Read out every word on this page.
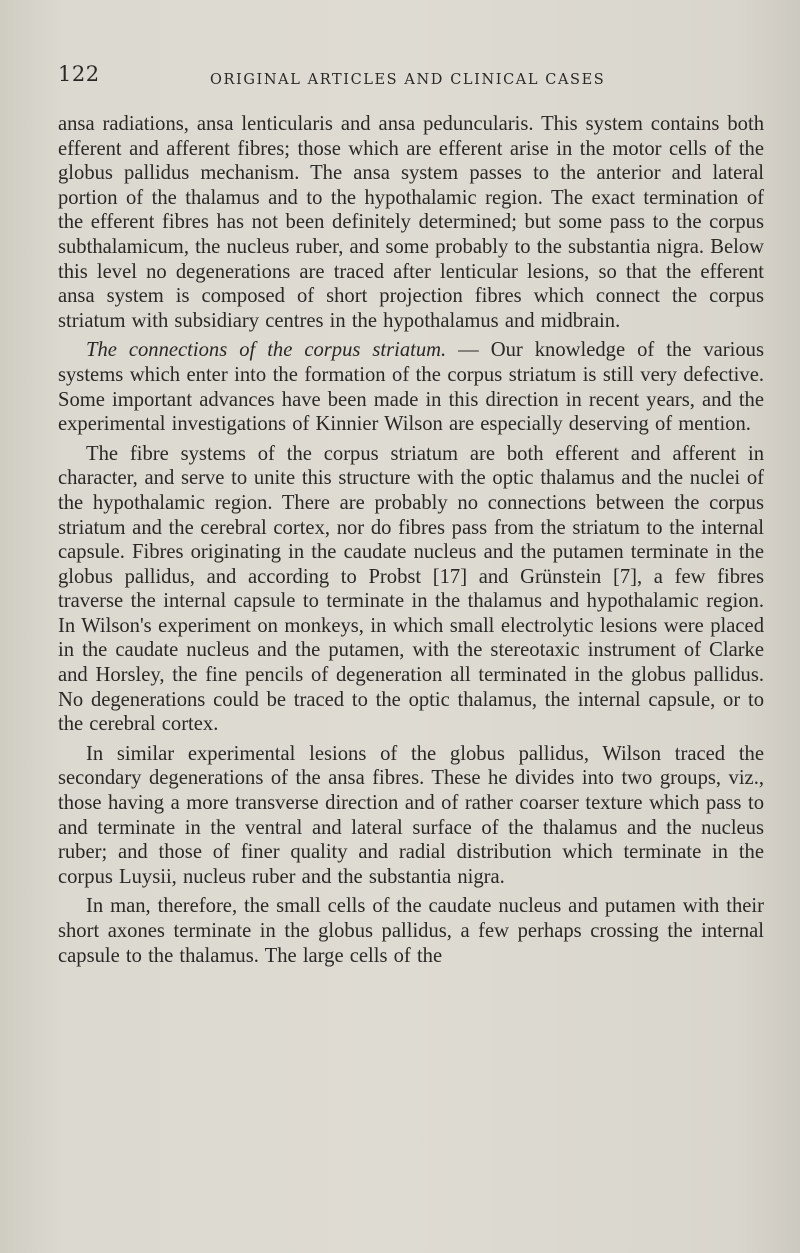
122	ORIGINAL ARTICLES AND CLINICAL CASES

ansa radiations, ansa lenticularis and ansa peduncularis. This system contains both efferent and afferent fibres; those which are efferent arise in the motor cells of the globus pallidus mechanism. The ansa system passes to the anterior and lateral portion of the thalamus and to the hypothalamic region. The exact termination of the efferent fibres has not been definitely determined; but some pass to the corpus subthalamicum, the nucleus ruber, and some probably to the substantia nigra. Below this level no degenerations are traced after lenticular lesions, so that the efferent ansa system is composed of short projection fibres which connect the corpus striatum with subsidiary centres in the hypothalamus and midbrain.

The connections of the corpus striatum. — Our knowledge of the various systems which enter into the formation of the corpus striatum is still very defective. Some important advances have been made in this direction in recent years, and the experimental investigations of Kinnier Wilson are especially deserving of mention.

The fibre systems of the corpus striatum are both efferent and afferent in character, and serve to unite this structure with the optic thalamus and the nuclei of the hypothalamic region. There are probably no connections between the corpus striatum and the cerebral cortex, nor do fibres pass from the striatum to the internal capsule. Fibres originating in the caudate nucleus and the putamen terminate in the globus pallidus, and according to Probst [17] and Grünstein [7], a few fibres traverse the internal capsule to terminate in the thalamus and hypothalamic region. In Wilson's experiment on monkeys, in which small electrolytic lesions were placed in the caudate nucleus and the putamen, with the stereotaxic instrument of Clarke and Horsley, the fine pencils of degeneration all terminated in the globus pallidus. No degenerations could be traced to the optic thalamus, the internal capsule, or to the cerebral cortex.

In similar experimental lesions of the globus pallidus, Wilson traced the secondary degenerations of the ansa fibres. These he divides into two groups, viz., those having a more transverse direction and of rather coarser texture which pass to and terminate in the ventral and lateral surface of the thalamus and the nucleus ruber; and those of finer quality and radial distribution which terminate in the corpus Luysii, nucleus ruber and the substantia nigra.

In man, therefore, the small cells of the caudate nucleus and putamen with their short axones terminate in the globus pallidus, a few perhaps crossing the internal capsule to the thalamus. The large cells of the
